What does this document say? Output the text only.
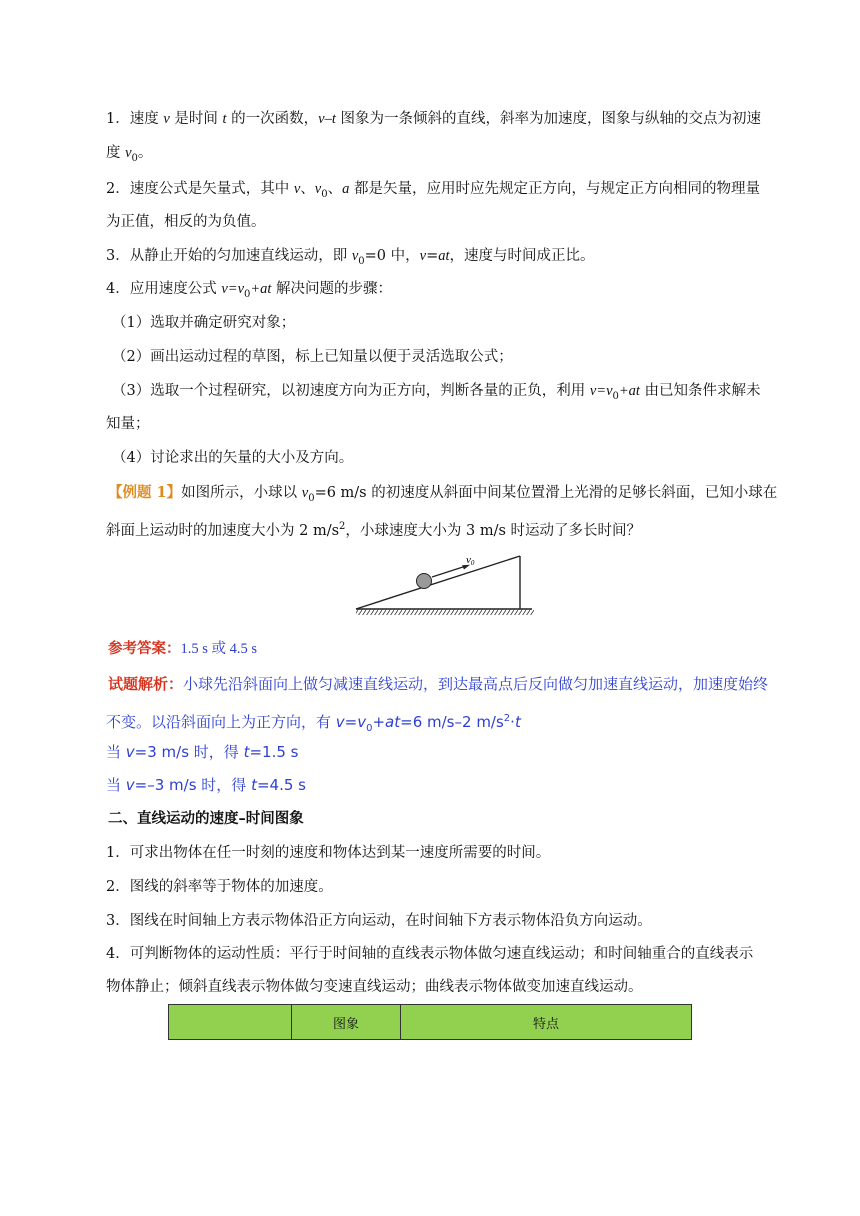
1．速度 v 是时间 t 的一次函数，v–t 图象为一条倾斜的直线，斜率为加速度，图象与纵轴的交点为初速

度 $v_0$。

2．速度公式是矢量式，其中 v、$v_0$、a 都是矢量，应用时应先规定正方向，与规定正方向相同的物理量

为正值，相反的为负值。

3．从静止开始的匀加速直线运动，即 $v_0=0$ 中，v=at，速度与时间成正比。

4．应用速度公式 $v=v_0+at$ 解决问题的步骤：

（1）选取并确定研究对象；

（2）画出运动过程的草图，标上已知量以便于灵活选取公式；

（3）选取一个过程研究，以初速度方向为正方向，判断各量的正负，利用 $v=v_0+at$ 由已知条件求解未

知量；

（4）讨论求出的矢量的大小及方向。

【例题 1】如图所示，小球以 $v_0=6$ m/s 的初速度从斜面中间某位置滑上光滑的足够长斜面，已知小球在

斜面上运动时的加速度大小为 2 $m/s^2$，小球速度大小为 3 m/s 时运动了多长时间？

v0

参考答案：1.5 s 或 4.5 s

试题解析：小球先沿斜面向上做匀减速直线运动，到达最高点后反向做匀加速直线运动，加速度始终

不变。以沿斜面向上为正方向，有 $v=v_0+at=6$ m/s–2 $m/s^2\cdot t$

当 v=3 m/s 时，得 t=1.5 s

当 v=–3 m/s 时，得 t=4.5 s

二、直线运动的速度–时间图象

1．可求出物体在任一时刻的速度和物体达到某一速度所需要的时间。

2．图线的斜率等于物体的加速度。

3．图线在时间轴上方表示物体沿正方向运动，在时间轴下方表示物体沿负方向运动。

4．可判断物体的运动性质：平行于时间轴的直线表示物体做匀速直线运动；和时间轴重合的直线表示

物体静止；倾斜直线表示物体做匀变速直线运动；曲线表示物体做变加速直线运动。

	图象	特点
